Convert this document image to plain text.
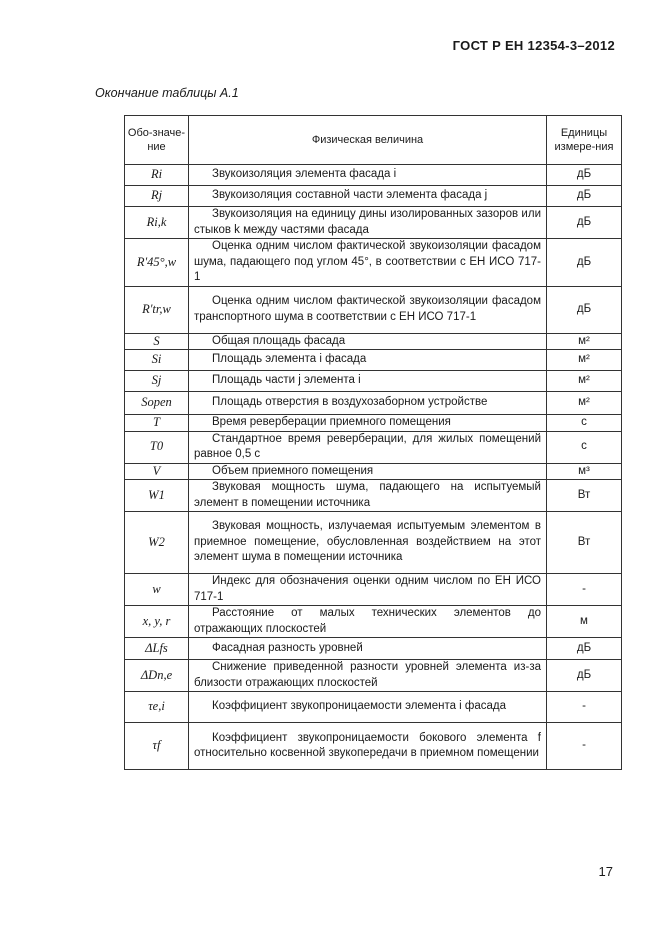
ГОСТ Р ЕН 12354-3–2012
Окончание таблицы А.1
Обо-значе-ние	Физическая величина	Единицы измере-ния
Ri	Звукоизоляция элемента фасада i	дБ
Rj	Звукоизоляция составной части элемента фасада j	дБ
Ri,k	Звукоизоляция на единицу дины изолированных зазоров или стыков k между частями фасада	дБ
R'45°,w	Оценка одним числом фактической звукоизоляции фасадом шума, падающего под углом 45°, в соответствии с ЕН ИСО 717-1	дБ
R'tr,w	Оценка одним числом фактической звукоизоляции фасадом транспортного шума в соответствии с ЕН ИСО 717-1	дБ
S	Общая площадь фасада	м²
Si	Площадь элемента i фасада	м²
Sj	Площадь части j элемента i	м²
Sopen	Площадь отверстия в воздухозаборном устройстве	м²
T	Время реверберации приемного помещения	с
T0	Стандартное время реверберации, для жилых помещений равное 0,5 с	с
V	Объем приемного помещения	м³
W1	Звуковая мощность шума, падающего на испытуемый элемент в помещении источника	Вт
W2	Звуковая мощность, излучаемая испытуемым элементом в приемное помещение, обусловленная воздействием на этот элемент шума в помещении источника	Вт
w	Индекс для обозначения оценки одним числом по ЕН ИСО 717-1	-
x, y, r	Расстояние от малых технических элементов до отражающих плоскостей	м
ΔLfs	Фасадная разность уровней	дБ
ΔDn,e	Снижение приведенной разности уровней элемента из-за близости отражающих плоскостей	дБ
τe,i	Коэффициент звукопроницаемости элемента i фасада	-
τf	Коэффициент звукопроницаемости бокового элемента f относительно косвенной звукопередачи в приемном помещении	-
17
